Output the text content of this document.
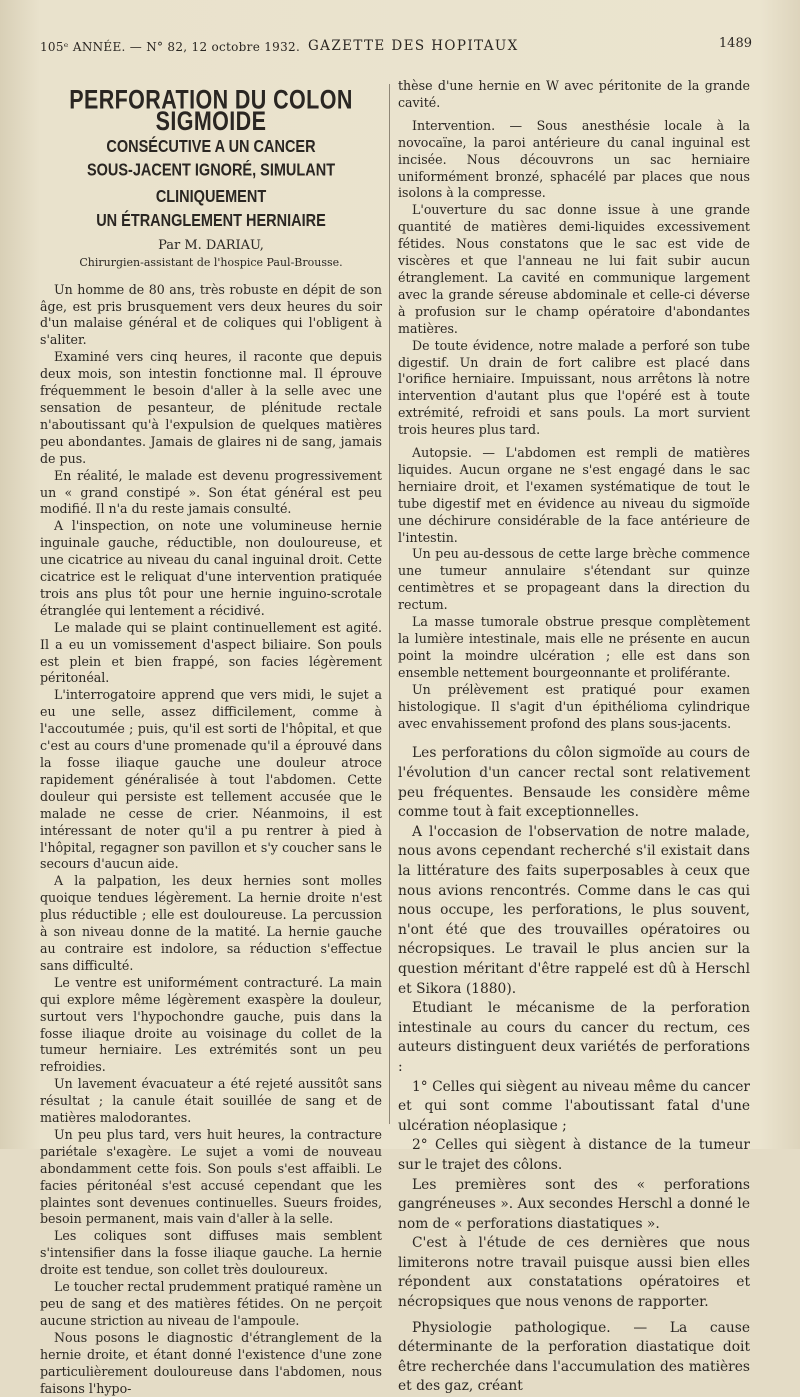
105ᵉ ANNÉE. — N° 82, 12 octobre 1932. GAZETTE DES HOPITAUX	1489
PERFORATION DU COLON SIGMOIDE
CONSÉCUTIVE A UN CANCER
SOUS-JACENT IGNORÉ, SIMULANT CLINIQUEMENT
UN ÉTRANGLEMENT HERNIAIRE
Par M. DARIAU,
Chirurgien-assistant de l'hospice Paul-Brousse.

Un homme de 80 ans, très robuste en dépit de son âge, est pris brusquement vers deux heures du soir d'un malaise général et de coliques qui l'obligent à s'aliter.

Examiné vers cinq heures, il raconte que depuis deux mois, son intestin fonctionne mal. Il éprouve fréquemment le besoin d'aller à la selle avec une sensation de pesanteur, de plénitude rectale n'aboutissant qu'à l'expulsion de quelques matières peu abondantes. Jamais de glaires ni de sang, jamais de pus.

En réalité, le malade est devenu progressivement un « grand constipé ». Son état général est peu modifié. Il n'a du reste jamais consulté.

A l'inspection, on note une volumineuse hernie inguinale gauche, réductible, non douloureuse, et une cicatrice au niveau du canal inguinal droit. Cette cicatrice est le reliquat d'une intervention pratiquée trois ans plus tôt pour une hernie inguino-scrotale étranglée qui lentement a récidivé.

Le malade qui se plaint continuellement est agité. Il a eu un vomissement d'aspect biliaire. Son pouls est plein et bien frappé, son facies légèrement péritonéal.

L'interrogatoire apprend que vers midi, le sujet a eu une selle, assez difficilement, comme à l'accoutumée ; puis, qu'il est sorti de l'hôpital, et que c'est au cours d'une promenade qu'il a éprouvé dans la fosse iliaque gauche une douleur atroce rapidement généralisée à tout l'abdomen. Cette douleur qui persiste est tellement accusée que le malade ne cesse de crier. Néanmoins, il est intéressant de noter qu'il a pu rentrer à pied à l'hôpital, regagner son pavillon et s'y coucher sans le secours d'aucun aide.

A la palpation, les deux hernies sont molles quoique tendues légèrement. La hernie droite n'est plus réductible ; elle est douloureuse. La percussion à son niveau donne de la matité. La hernie gauche au contraire est indolore, sa réduction s'effectue sans difficulté.

Le ventre est uniformément contracturé. La main qui explore même légèrement exaspère la douleur, surtout vers l'hypochondre gauche, puis dans la fosse iliaque droite au voisinage du collet de la tumeur herniaire. Les extrémités sont un peu refroidies.

Un lavement évacuateur a été rejeté aussitôt sans résultat ; la canule était souillée de sang et de matières malodorantes.

Un peu plus tard, vers huit heures, la contracture pariétale s'exagère. Le sujet a vomi de nouveau abondamment cette fois. Son pouls s'est affaibli. Le facies péritonéal s'est accusé cependant que les plaintes sont devenues continuelles. Sueurs froides, besoin permanent, mais vain d'aller à la selle.

Les coliques sont diffuses mais semblent s'intensifier dans la fosse iliaque gauche. La hernie droite est tendue, son collet très douloureux.

Le toucher rectal prudemment pratiqué ramène un peu de sang et des matières fétides. On ne perçoit aucune striction au niveau de l'ampoule.

Nous posons le diagnostic d'étranglement de la hernie droite, et étant donné l'existence d'une zone particulièrement douloureuse dans l'abdomen, nous faisons l'hypo-

thèse d'une hernie en W avec péritonite de la grande cavité.

Intervention. — Sous anesthésie locale à la novocaïne, la paroi antérieure du canal inguinal est incisée. Nous découvrons un sac herniaire uniformément bronzé, sphacélé par places que nous isolons à la compresse.

L'ouverture du sac donne issue à une grande quantité de matières demi-liquides excessivement fétides. Nous constatons que le sac est vide de viscères et que l'anneau ne lui fait subir aucun étranglement. La cavité en communique largement avec la grande séreuse abdominale et celle-ci déverse à profusion sur le champ opératoire d'abondantes matières.

De toute évidence, notre malade a perforé son tube digestif. Un drain de fort calibre est placé dans l'orifice herniaire. Impuissant, nous arrêtons là notre intervention d'autant plus que l'opéré est à toute extrémité, refroidi et sans pouls. La mort survient trois heures plus tard.

Autopsie. — L'abdomen est rempli de matières liquides. Aucun organe ne s'est engagé dans le sac herniaire droit, et l'examen systématique de tout le tube digestif met en évidence au niveau du sigmoïde une déchirure considérable de la face antérieure de l'intestin.

Un peu au-dessous de cette large brèche commence une tumeur annulaire s'étendant sur quinze centimètres et se propageant dans la direction du rectum.

La masse tumorale obstrue presque complètement la lumière intestinale, mais elle ne présente en aucun point la moindre ulcération ; elle est dans son ensemble nettement bourgeonnante et proliférante.

Un prélèvement est pratiqué pour examen histologique. Il s'agit d'un épithélioma cylindrique avec envahissement profond des plans sous-jacents.

Les perforations du côlon sigmoïde au cours de l'évolution d'un cancer rectal sont relativement peu fréquentes. Bensaude les considère même comme tout à fait exceptionnelles.

A l'occasion de l'observation de notre malade, nous avons cependant recherché s'il existait dans la littérature des faits superposables à ceux que nous avions rencontrés. Comme dans le cas qui nous occupe, les perforations, le plus souvent, n'ont été que des trouvailles opératoires ou nécropsiques. Le travail le plus ancien sur la question méritant d'être rappelé est dû à Herschl et Sikora (1880).

Etudiant le mécanisme de la perforation intestinale au cours du cancer du rectum, ces auteurs distinguent deux variétés de perforations :

1° Celles qui siègent au niveau même du cancer et qui sont comme l'aboutissant fatal d'une ulcération néoplasique ;

2° Celles qui siègent à distance de la tumeur sur le trajet des côlons.

Les premières sont des « perforations gangréneuses ». Aux secondes Herschl a donné le nom de « perforations diastatiques ».

C'est à l'étude de ces dernières que nous limiterons notre travail puisque aussi bien elles répondent aux constatations opératoires et nécropsiques que nous venons de rapporter.

Physiologie pathologique. — La cause déterminante de la perforation diastatique doit être recherchée dans l'accumulation des matières et des gaz, créant
